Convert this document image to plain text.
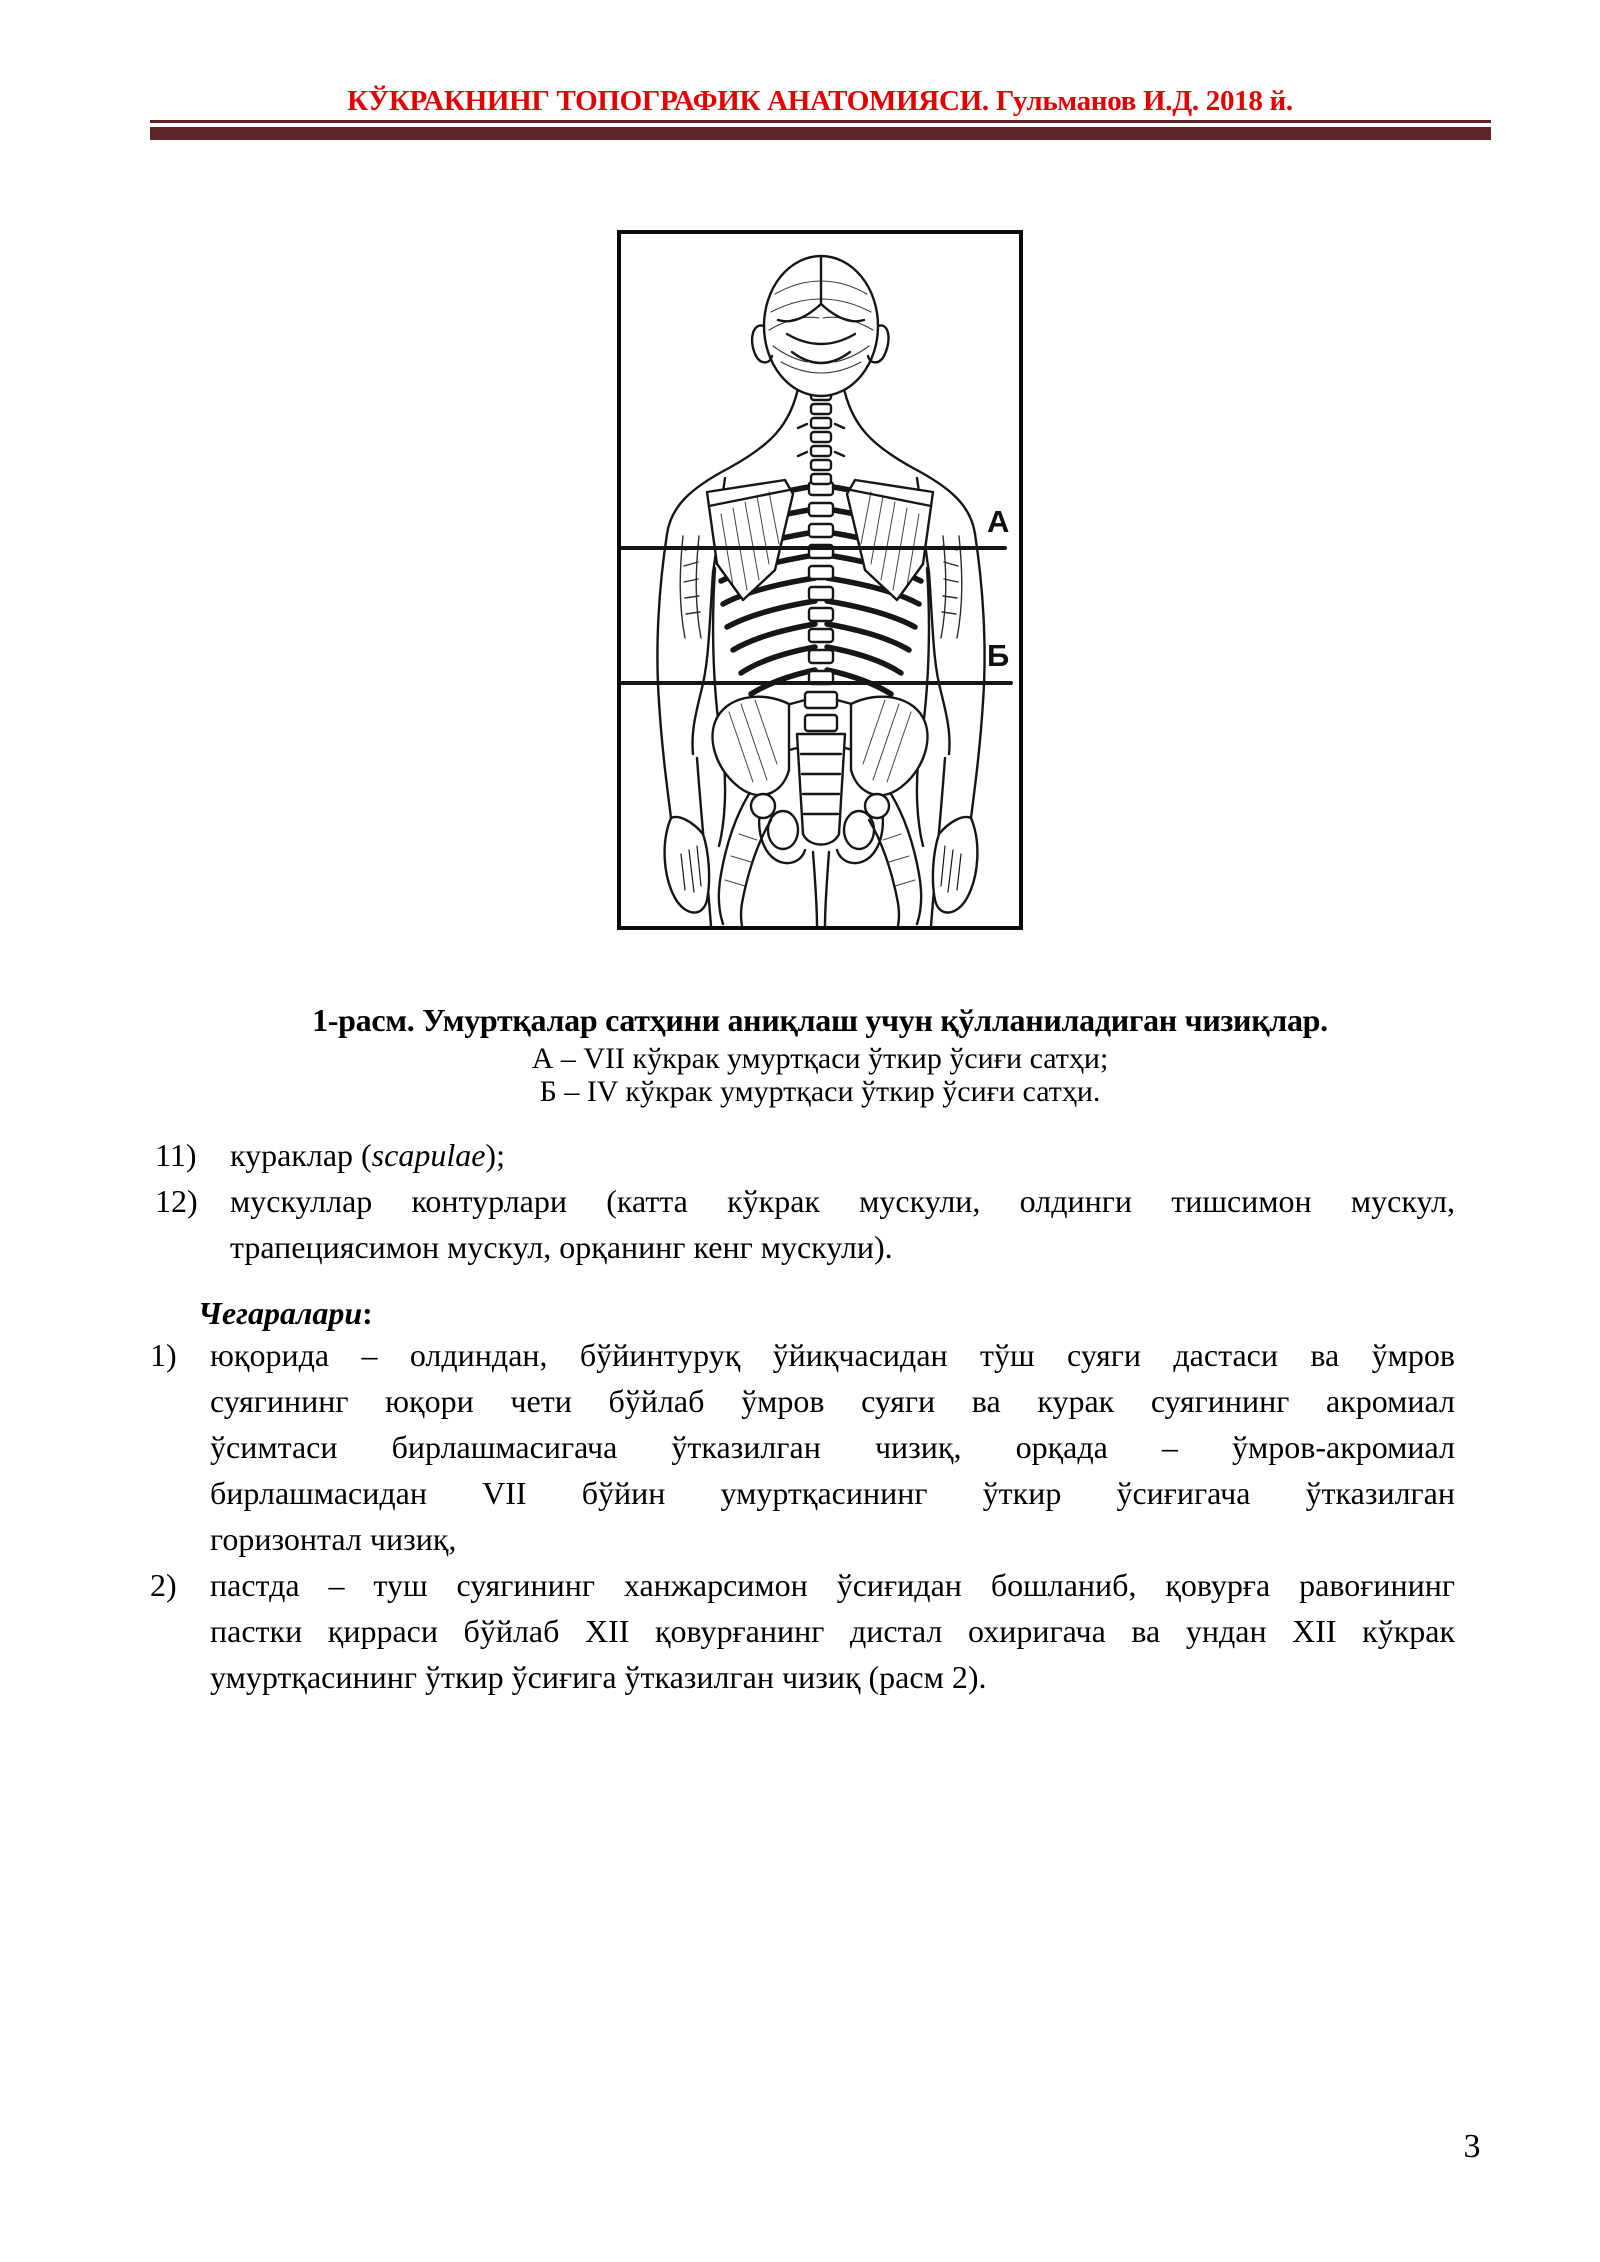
КЎКРАКНИНГ ТОПОГРАФИК АНАТОМИЯСИ. Гульманов И.Д. 2018 й.
А
Б
1-расм. Умуртқалар сатҳини аниқлаш учун қўлланиладиган чизиқлар.
А – VII кўкрак умуртқаси ўткир ўсиғи сатҳи;
Б – IV кўкрак умуртқаси ўткир ўсиғи сатҳи.
11) кураклар (scapulae);
12) мускуллар контурлари (катта кўкрак мускули, олдинги тишсимон мускул,
трапециясимон мускул, орқанинг кенг мускули).
Чегаралари:
1) юқорида – олдиндан, бўйинтуруқ ўйиқчасидан тўш суяги дастаси ва ўмров
суягининг юқори чети бўйлаб ўмров суяги ва курак суягининг акромиал
ўсимтаси бирлашмасигача ўтказилган чизиқ, орқада – ўмров-акромиал
бирлашмасидан VII бўйин умуртқасининг ўткир ўсиғигача ўтказилган
горизонтал чизиқ,
2) пастда – туш суягининг ханжарсимон ўсиғидан бошланиб, қовурға равоғининг
пастки қирраси бўйлаб XII қовурғанинг дистал охиригача ва ундан XII кўкрак
умуртқасининг ўткир ўсиғига ўтказилган чизиқ (расм 2).
3
